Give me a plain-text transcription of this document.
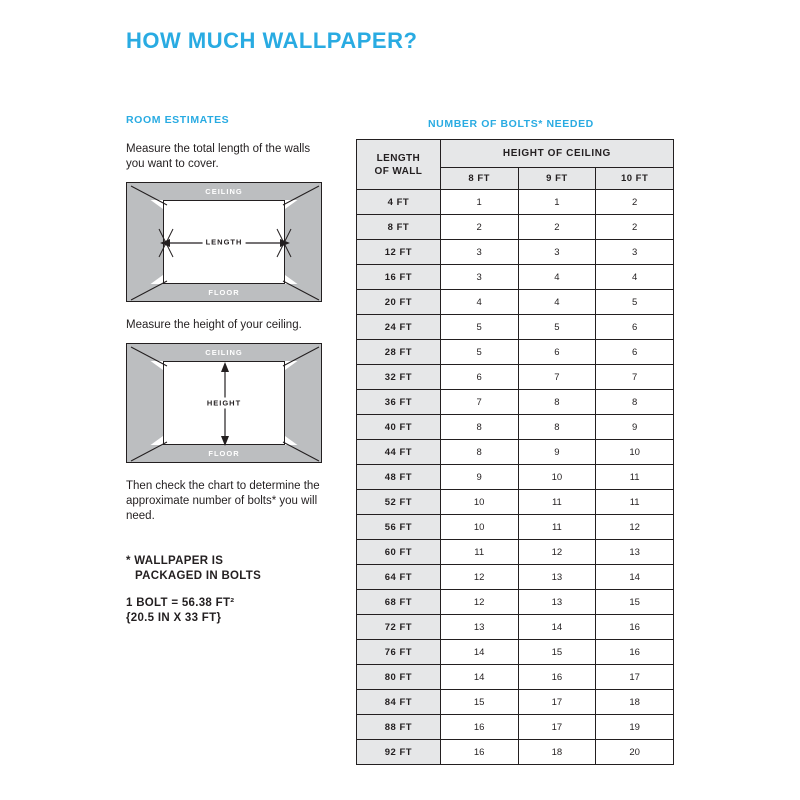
HOW MUCH WALLPAPER?
ROOM ESTIMATES
Measure the total length of the walls you want to cover.
CEILING
FLOOR
LENGTH
Measure the height of your ceiling.
CEILING
FLOOR
HEIGHT
Then check the chart to determine the approximate number of bolts* you will need.
* WALLPAPER IS
PACKAGED IN BOLTS
1 BOLT = 56.38 FT²
{20.5 IN X 33 FT}
NUMBER OF BOLTS* NEEDED
LENGTH
OF WALL	HEIGHT OF CEILING		
	8 FT	9 FT	10 FT
4 FT	1	1	2
8 FT	2	2	2
12 FT	3	3	3
16 FT	3	4	4
20 FT	4	4	5
24 FT	5	5	6
28 FT	5	6	6
32 FT	6	7	7
36 FT	7	8	8
40 FT	8	8	9
44 FT	8	9	10
48 FT	9	10	11
52 FT	10	11	11
56 FT	10	11	12
60 FT	11	12	13
64 FT	12	13	14
68 FT	12	13	15
72 FT	13	14	16
76 FT	14	15	16
80 FT	14	16	17
84 FT	15	17	18
88 FT	16	17	19
92 FT	16	18	20
